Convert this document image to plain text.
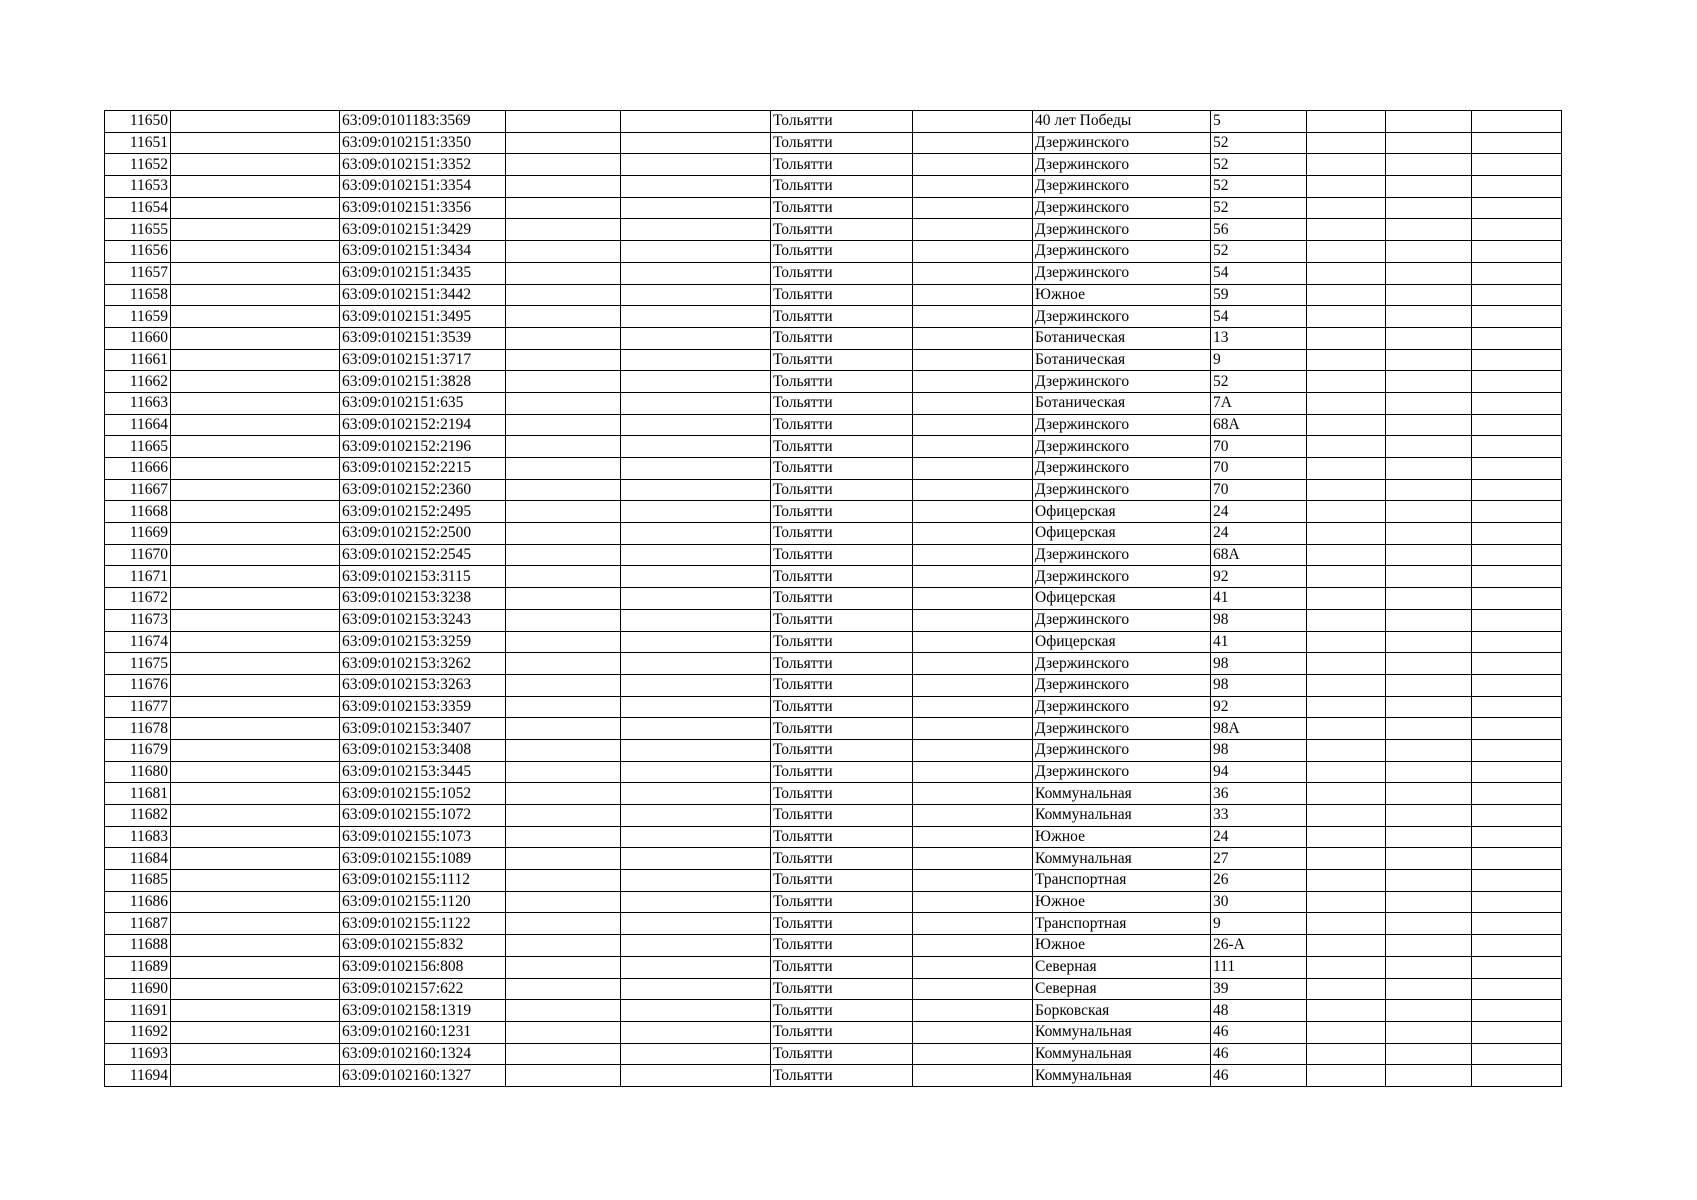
11650		63:09:0101183:3569			Тольятти		40 лет Победы	5			
11651		63:09:0102151:3350			Тольятти		Дзержинского	52			
11652		63:09:0102151:3352			Тольятти		Дзержинского	52			
11653		63:09:0102151:3354			Тольятти		Дзержинского	52			
11654		63:09:0102151:3356			Тольятти		Дзержинского	52			
11655		63:09:0102151:3429			Тольятти		Дзержинского	56			
11656		63:09:0102151:3434			Тольятти		Дзержинского	52			
11657		63:09:0102151:3435			Тольятти		Дзержинского	54			
11658		63:09:0102151:3442			Тольятти		Южное	59			
11659		63:09:0102151:3495			Тольятти		Дзержинского	54			
11660		63:09:0102151:3539			Тольятти		Ботаническая	13			
11661		63:09:0102151:3717			Тольятти		Ботаническая	9			
11662		63:09:0102151:3828			Тольятти		Дзержинского	52			
11663		63:09:0102151:635			Тольятти		Ботаническая	7А			
11664		63:09:0102152:2194			Тольятти		Дзержинского	68А			
11665		63:09:0102152:2196			Тольятти		Дзержинского	70			
11666		63:09:0102152:2215			Тольятти		Дзержинского	70			
11667		63:09:0102152:2360			Тольятти		Дзержинского	70			
11668		63:09:0102152:2495			Тольятти		Офицерская	24			
11669		63:09:0102152:2500			Тольятти		Офицерская	24			
11670		63:09:0102152:2545			Тольятти		Дзержинского	68А			
11671		63:09:0102153:3115			Тольятти		Дзержинского	92			
11672		63:09:0102153:3238			Тольятти		Офицерская	41			
11673		63:09:0102153:3243			Тольятти		Дзержинского	98			
11674		63:09:0102153:3259			Тольятти		Офицерская	41			
11675		63:09:0102153:3262			Тольятти		Дзержинского	98			
11676		63:09:0102153:3263			Тольятти		Дзержинского	98			
11677		63:09:0102153:3359			Тольятти		Дзержинского	92			
11678		63:09:0102153:3407			Тольятти		Дзержинского	98А			
11679		63:09:0102153:3408			Тольятти		Дзержинского	98			
11680		63:09:0102153:3445			Тольятти		Дзержинского	94			
11681		63:09:0102155:1052			Тольятти		Коммунальная	36			
11682		63:09:0102155:1072			Тольятти		Коммунальная	33			
11683		63:09:0102155:1073			Тольятти		Южное	24			
11684		63:09:0102155:1089			Тольятти		Коммунальная	27			
11685		63:09:0102155:1112			Тольятти		Транспортная	26			
11686		63:09:0102155:1120			Тольятти		Южное	30			
11687		63:09:0102155:1122			Тольятти		Транспортная	9			
11688		63:09:0102155:832			Тольятти		Южное	26-А			
11689		63:09:0102156:808			Тольятти		Северная	111			
11690		63:09:0102157:622			Тольятти		Северная	39			
11691		63:09:0102158:1319			Тольятти		Борковская	48			
11692		63:09:0102160:1231			Тольятти		Коммунальная	46			
11693		63:09:0102160:1324			Тольятти		Коммунальная	46			
11694		63:09:0102160:1327			Тольятти		Коммунальная	46			
